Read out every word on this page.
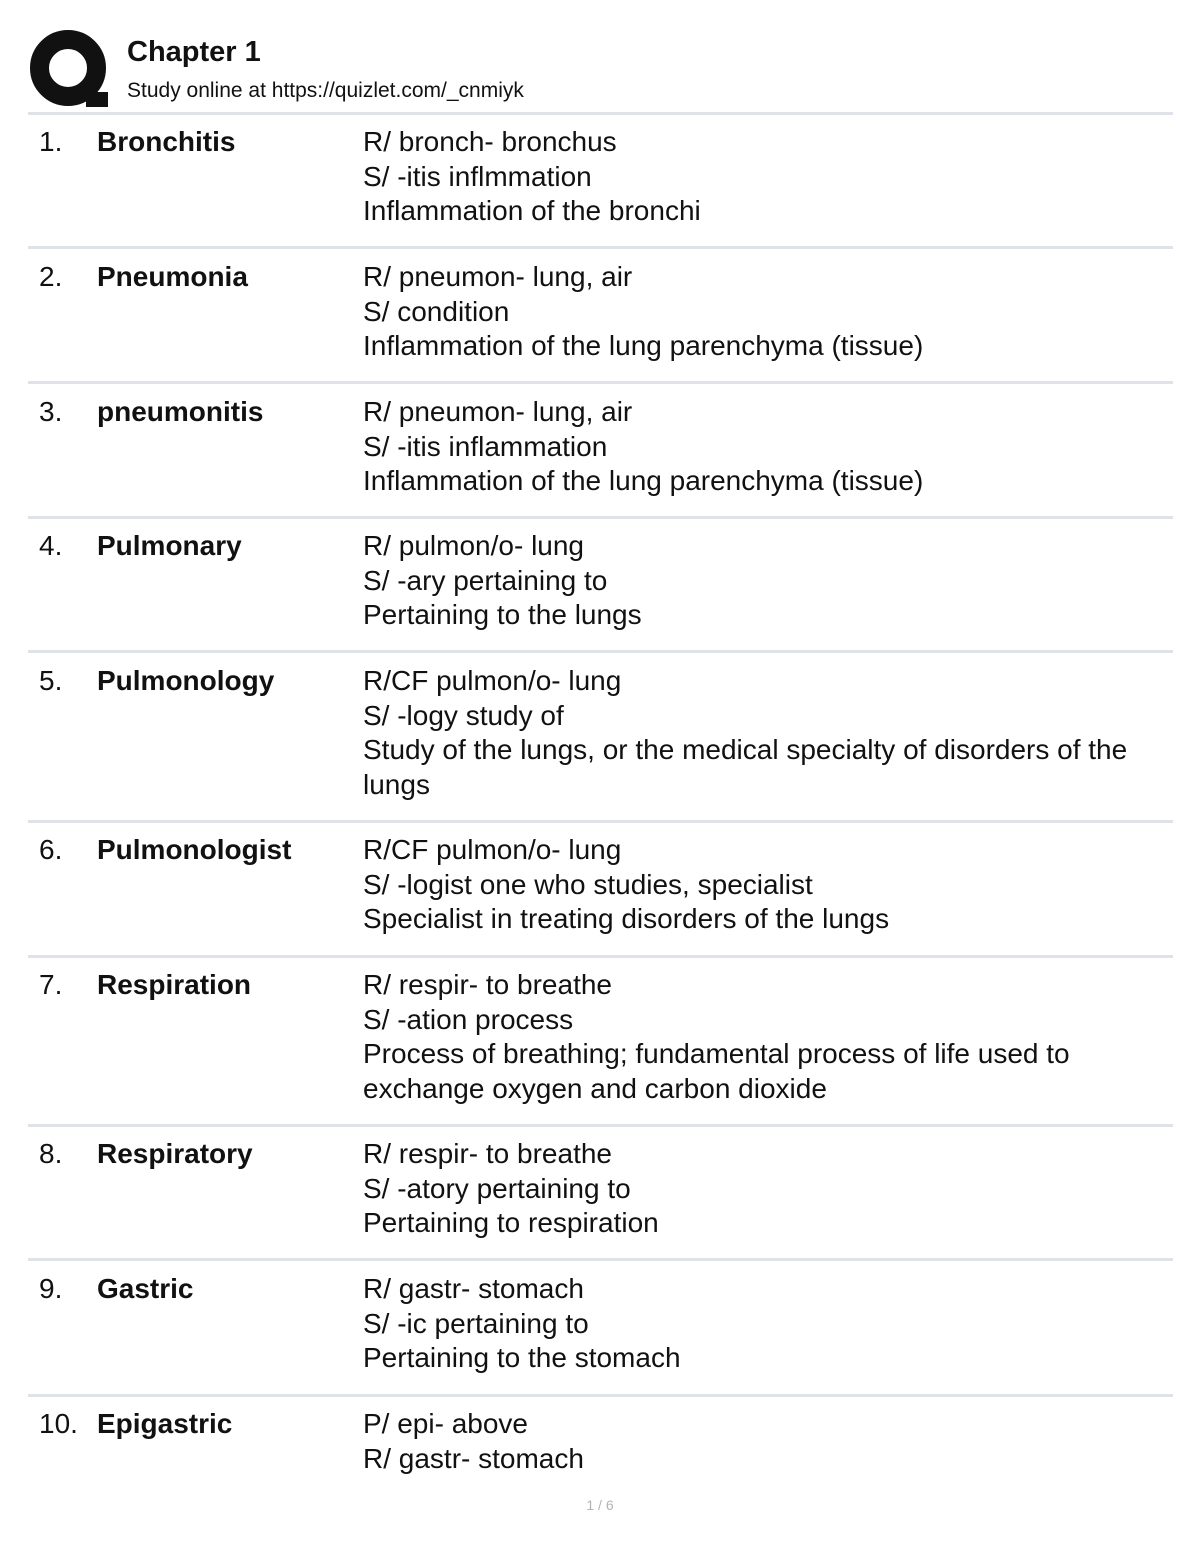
Chapter 1
Study online at https://quizlet.com/_cnmiyk
1. Bronchitis	R/ bronch- bronchus
S/ -itis inflmmation
Inflammation of the bronchi
2. Pneumonia	R/ pneumon- lung, air
S/ condition
Inflammation of the lung parenchyma (tissue)
3. pneumonitis	R/ pneumon- lung, air
S/ -itis inflammation
Inflammation of the lung parenchyma (tissue)
4. Pulmonary	R/ pulmon/o- lung
S/ -ary pertaining to
Pertaining to the lungs
5. Pulmonology	R/CF pulmon/o- lung
S/ -logy study of
Study of the lungs, or the medical specialty of disorders of the lungs
6. Pulmonologist	R/CF pulmon/o- lung
S/ -logist one who studies, specialist
Specialist in treating disorders of the lungs
7. Respiration	R/ respir- to breathe
S/ -ation process
Process of breathing; fundamental process of life used to exchange oxygen and carbon dioxide
8. Respiratory	R/ respir- to breathe
S/ -atory pertaining to
Pertaining to respiration
9. Gastric	R/ gastr- stomach
S/ -ic pertaining to
Pertaining to the stomach
10. Epigastric	P/ epi- above
R/ gastr- stomach
1 / 6
